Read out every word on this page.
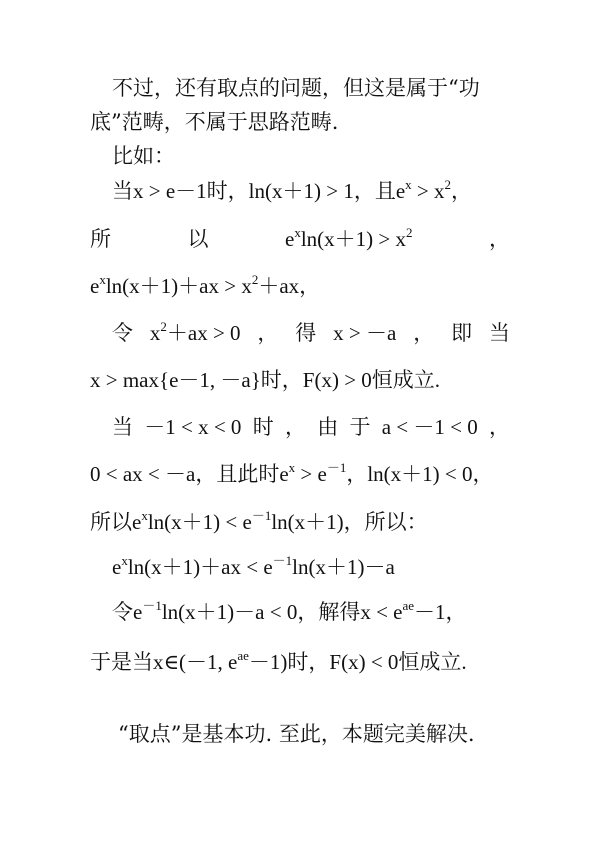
不过，还有取点的问题，但这是属于“功
底”范畴，不属于思路范畴.
比如：
当x > e－1时，ln(x＋1) > 1，且$e^x > x^2$，
所	以	$e^x\ln(x+1) > x^2$	，
$e^x\ln(x+1)+ax > x^2+ax$，
令 $x^2+ax > 0$ ， 得 x > －a ， 即 当
x > max{e－1, －a}时，F(x) > 0恒成立.
当 －1 < x < 0 时 ， 由 于 a < －1 < 0 ，
0 < ax < －a，且此时$e^x > e^{-1}$，ln(x＋1) < 0，
所以$e^x\ln(x+1) < e^{-1}\ln(x+1)$，所以：
$e^x\ln(x+1)+ax < e^{-1}\ln(x+1)-a$
令$e^{-1}\ln(x+1)-a < 0$，解得$x < e^{ae}-1$，
于是当x∈(－1, $e^{ae}-1$)时，F(x) < 0恒成立.
“取点”是基本功. 至此，本题完美解决.
